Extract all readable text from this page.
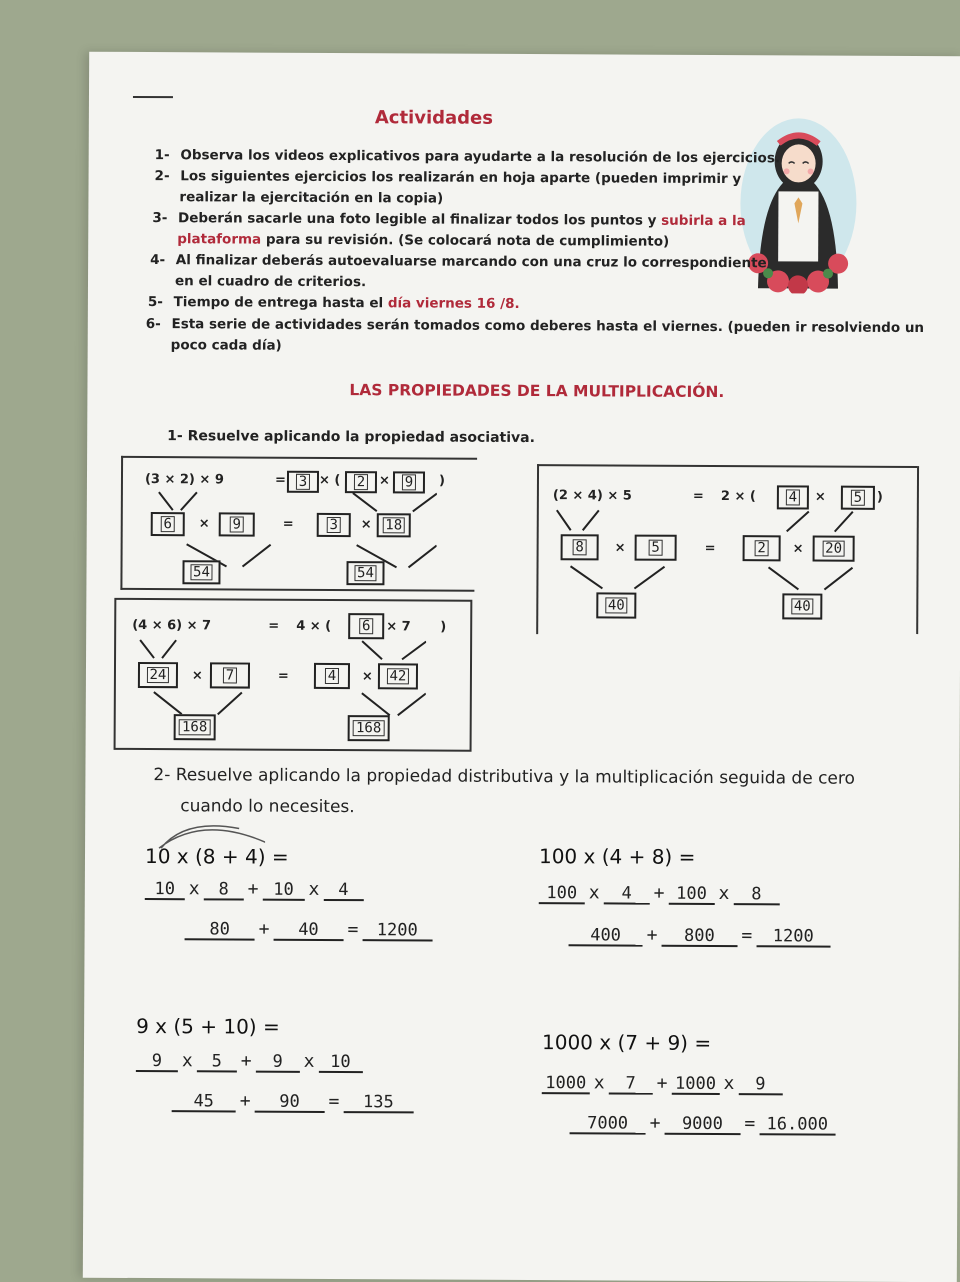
Actividades
1- Observa los videos explicativos para ayudarte a la resolución de los ejercicios.
2- Los siguientes ejercicios los realizarán en hoja aparte (pueden imprimir y
realizar la ejercitación en la copia)
3- Deberán sacarle una foto legible al finalizar todos los puntos y subirla a la
plataforma para su revisión. (Se colocará nota de cumplimiento)
4- Al finalizar deberás autoevaluarse marcando con una cruz lo correspondiente
en el cuadro de criterios.
5- Tiempo de entrega hasta el día viernes 16 /8.
6- Esta serie de actividades serán tomados como deberes hasta el viernes. (pueden ir resolviendo un
poco cada día)
LAS PROPIEDADES DE LA MULTIPLICACIÓN.
1- Resuelve aplicando la propiedad asociativa.
(3 × 2) × 9	= 3 × ( 2 × 9 )
6 × 9	=	3 × 18
54	54
(2 × 4) × 5	= 2 × ( 4 × 5 )
8 × 5	=	2 × 20
40	40
(4 × 6) × 7	= 4 × ( 6 × 7 )
24 × 7	=	4 × 42
168	168
2- Resuelve aplicando la propiedad distributiva y la multiplicación seguida de cero
cuando lo necesites.
10 x (8 + 4) =
10 x 8 + 10 x 4
80 + 40 = 1200
100 x (4 + 8) =
100 x 4 + 100 x 8
400 + 800 = 1200
9 x (5 + 10) =
9 x 5 + 9 x 10
45 + 90 = 135
1000 x (7 + 9) =
1000 x 7 + 1000 x 9
7000 + 9000 = 16.000
